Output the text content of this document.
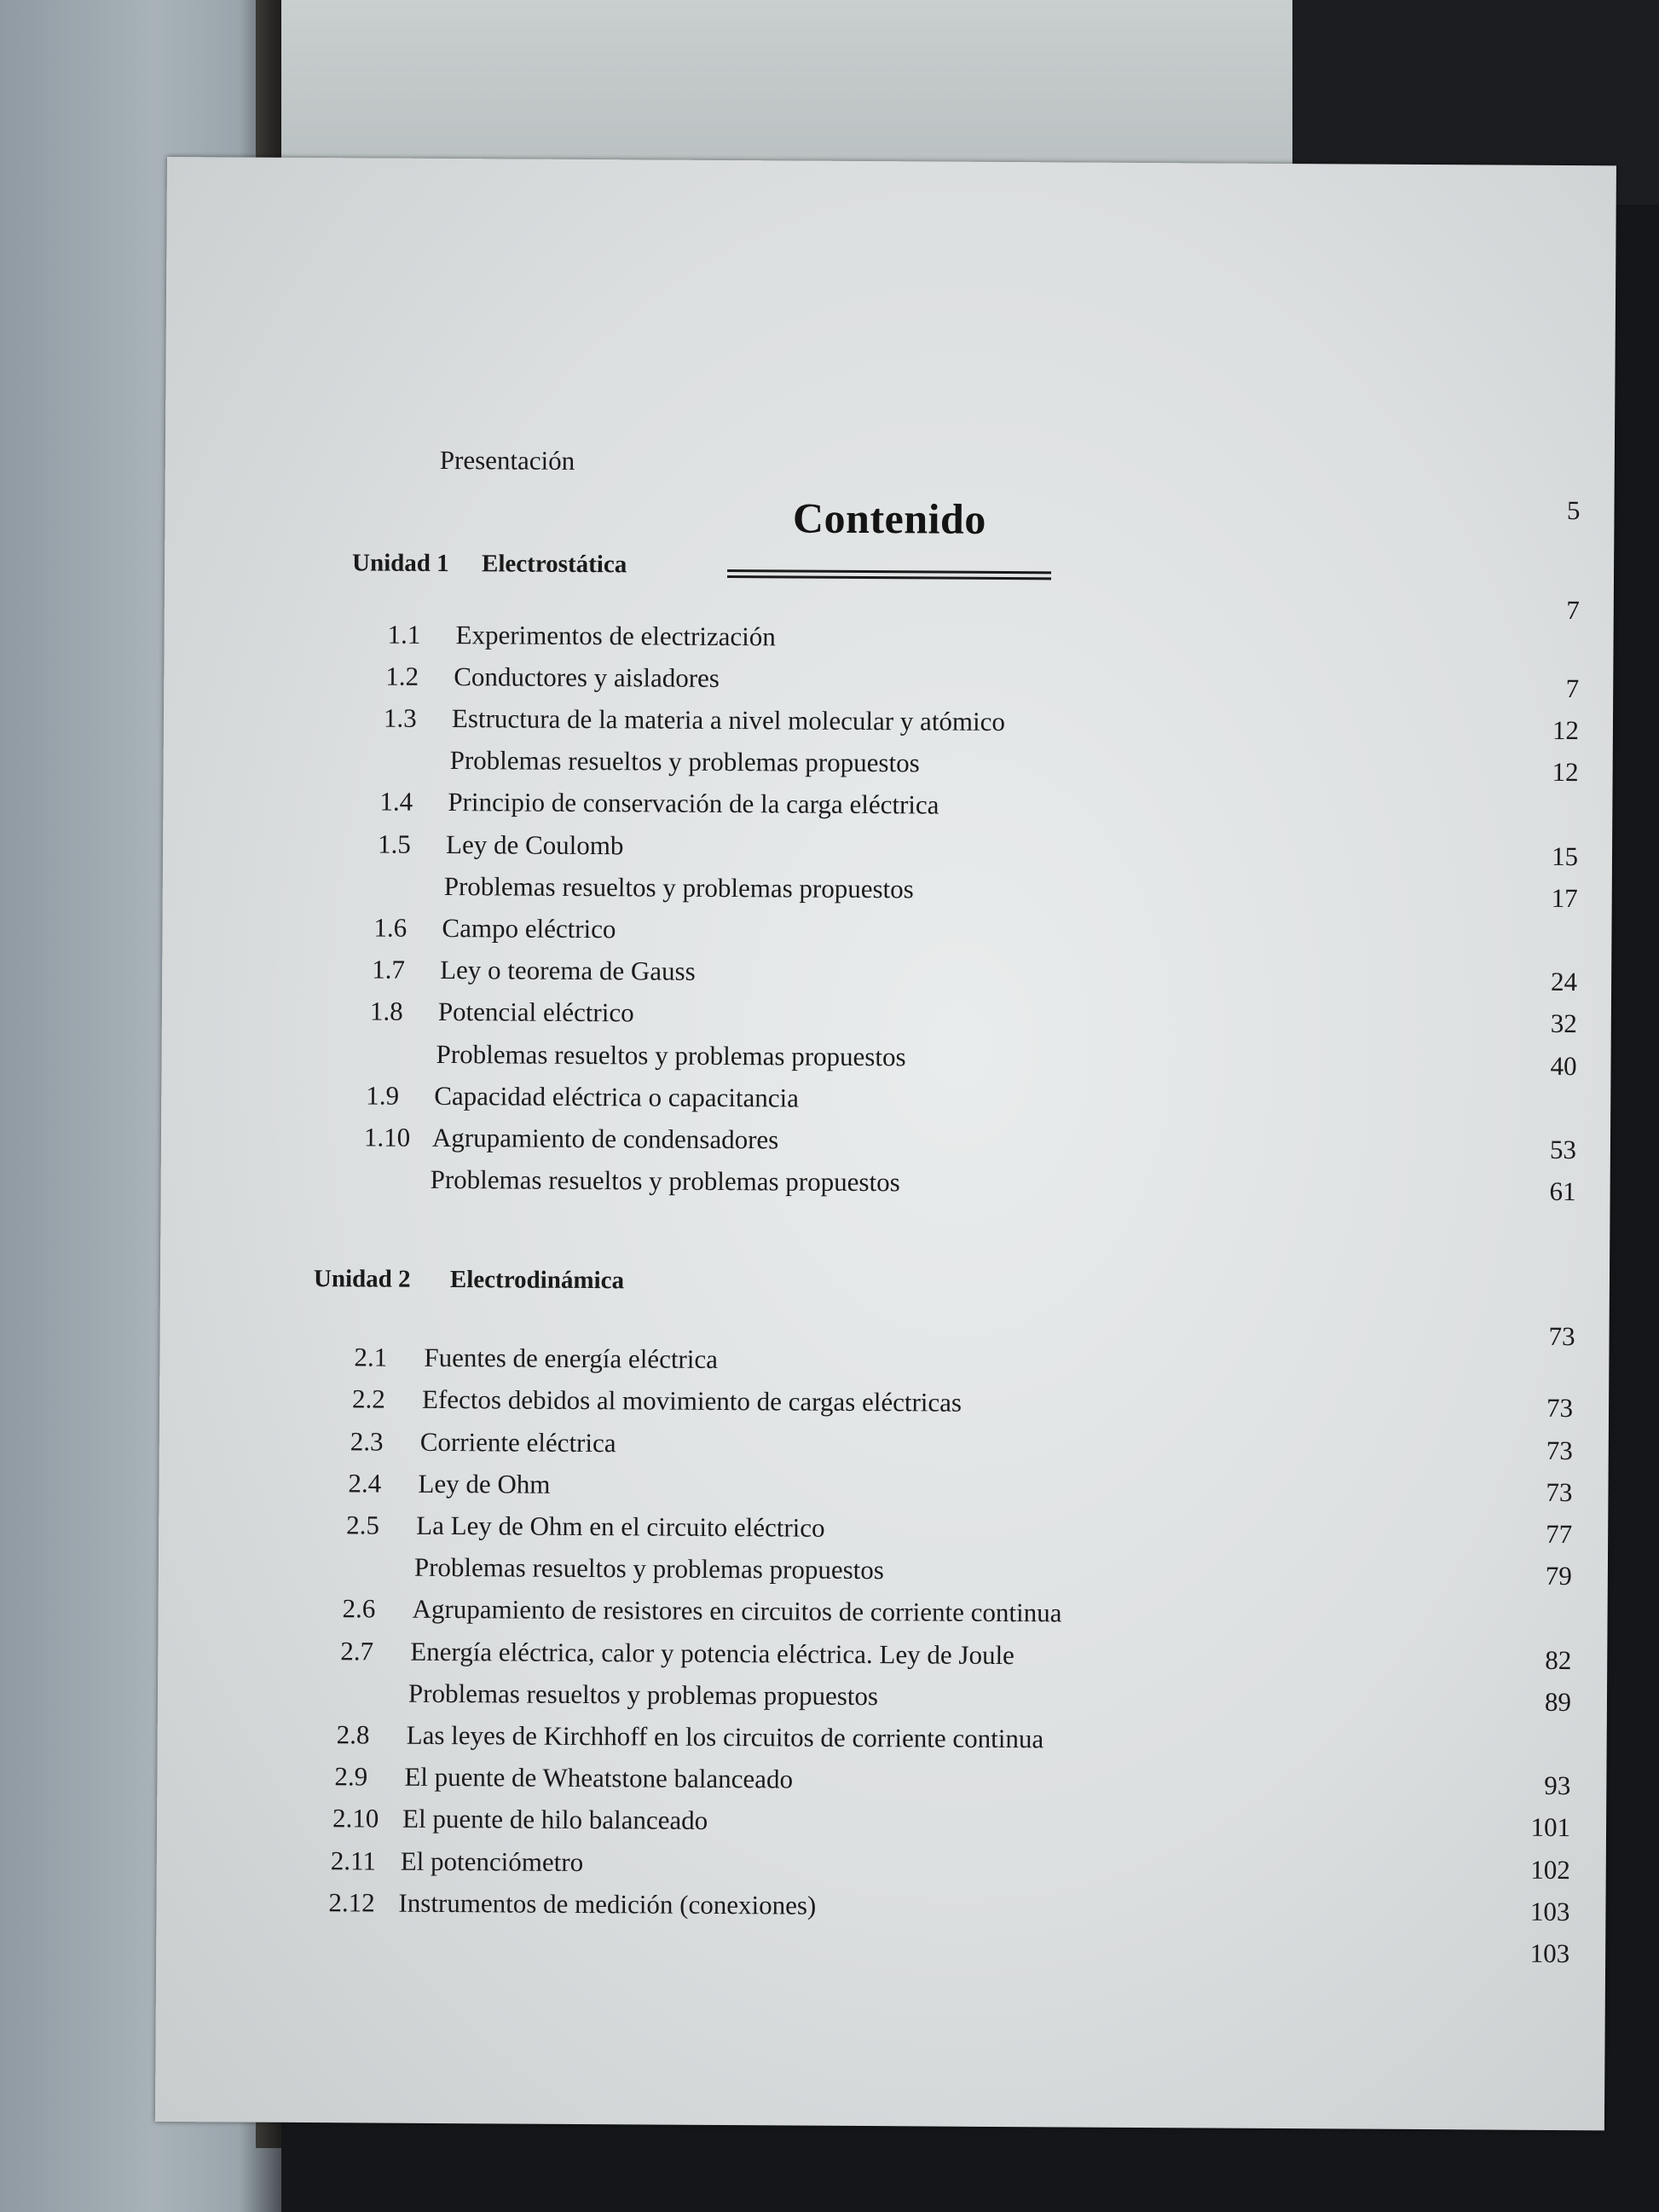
Contenido
Presentación
5
Unidad 1 Electrostática
7
1.1 Experimentos de electrización
1.2 Conductores y aisladores
1.3 Estructura de la materia a nivel molecular y atómico
Problemas resueltos y problemas propuestos
1.4 Principio de conservación de la carga eléctrica
1.5 Ley de Coulomb
Problemas resueltos y problemas propuestos
1.6 Campo eléctrico
1.7 Ley o teorema de Gauss
1.8 Potencial eléctrico
Problemas resueltos y problemas propuestos
1.9 Capacidad eléctrica o capacitancia
1.10 Agrupamiento de condensadores
Problemas resueltos y problemas propuestos
7
12
12
15
17
24
32
40
53
61
Unidad 2 Electrodinámica
73
2.1 Fuentes de energía eléctrica
2.2 Efectos debidos al movimiento de cargas eléctricas
2.3 Corriente eléctrica
2.4 Ley de Ohm
2.5 La Ley de Ohm en el circuito eléctrico
Problemas resueltos y problemas propuestos
2.6 Agrupamiento de resistores en circuitos de corriente continua
2.7 Energía eléctrica, calor y potencia eléctrica. Ley de Joule
Problemas resueltos y problemas propuestos
2.8 Las leyes de Kirchhoff en los circuitos de corriente continua
2.9 El puente de Wheatstone balanceado
2.10 El puente de hilo balanceado
2.11 El potenciómetro
2.12 Instrumentos de medición (conexiones)
73
73
73
77
79
82
89
93
101
102
103
103
